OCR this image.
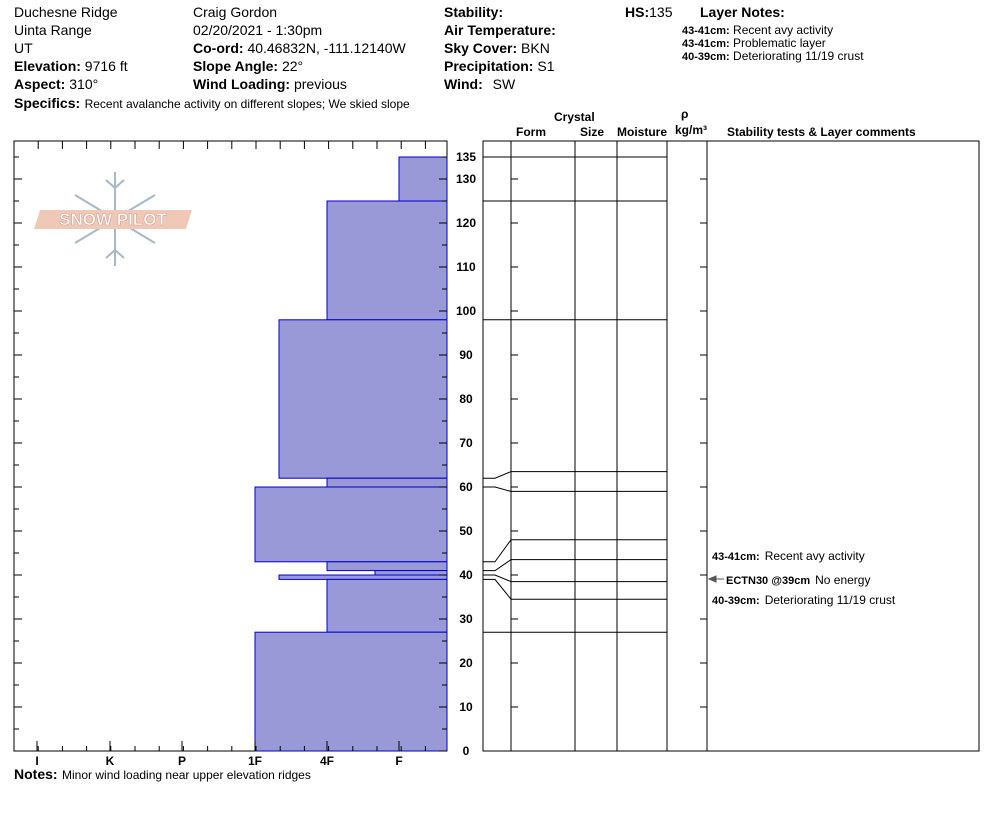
Duchesne Ridge
Uinta Range
UT
Elevation: 9716 ft
Aspect: 310°
Specifics: Recent avalanche activity on different slopes; We skied slope
Craig Gordon
02/20/2021 - 1:30pm
Co-ord: 40.46832N, -111.12140W
Slope Angle: 22°
Wind Loading: previous
Stability:
Air Temperature:
Sky Cover: BKN
Precipitation: S1
Wind: SW
HS:135 Layer Notes:
43-41cm: Recent avy activity
43-41cm: Problematic layer
40-39cm: Deteriorating 11/19 crust
Crystal
Form	Size Moisture
ρ
kg/m³ Stability tests & Layer comments
SNOW PILOT
I	K	P	1F	4F	F
0
10
20
30
40
50
60
70
80
90
100
110
120
130
135
43-41cm: Recent avy activity
ECTN30 @39cm No energy
40-39cm: Deteriorating 11/19 crust
Notes: Minor wind loading near upper elevation ridges
